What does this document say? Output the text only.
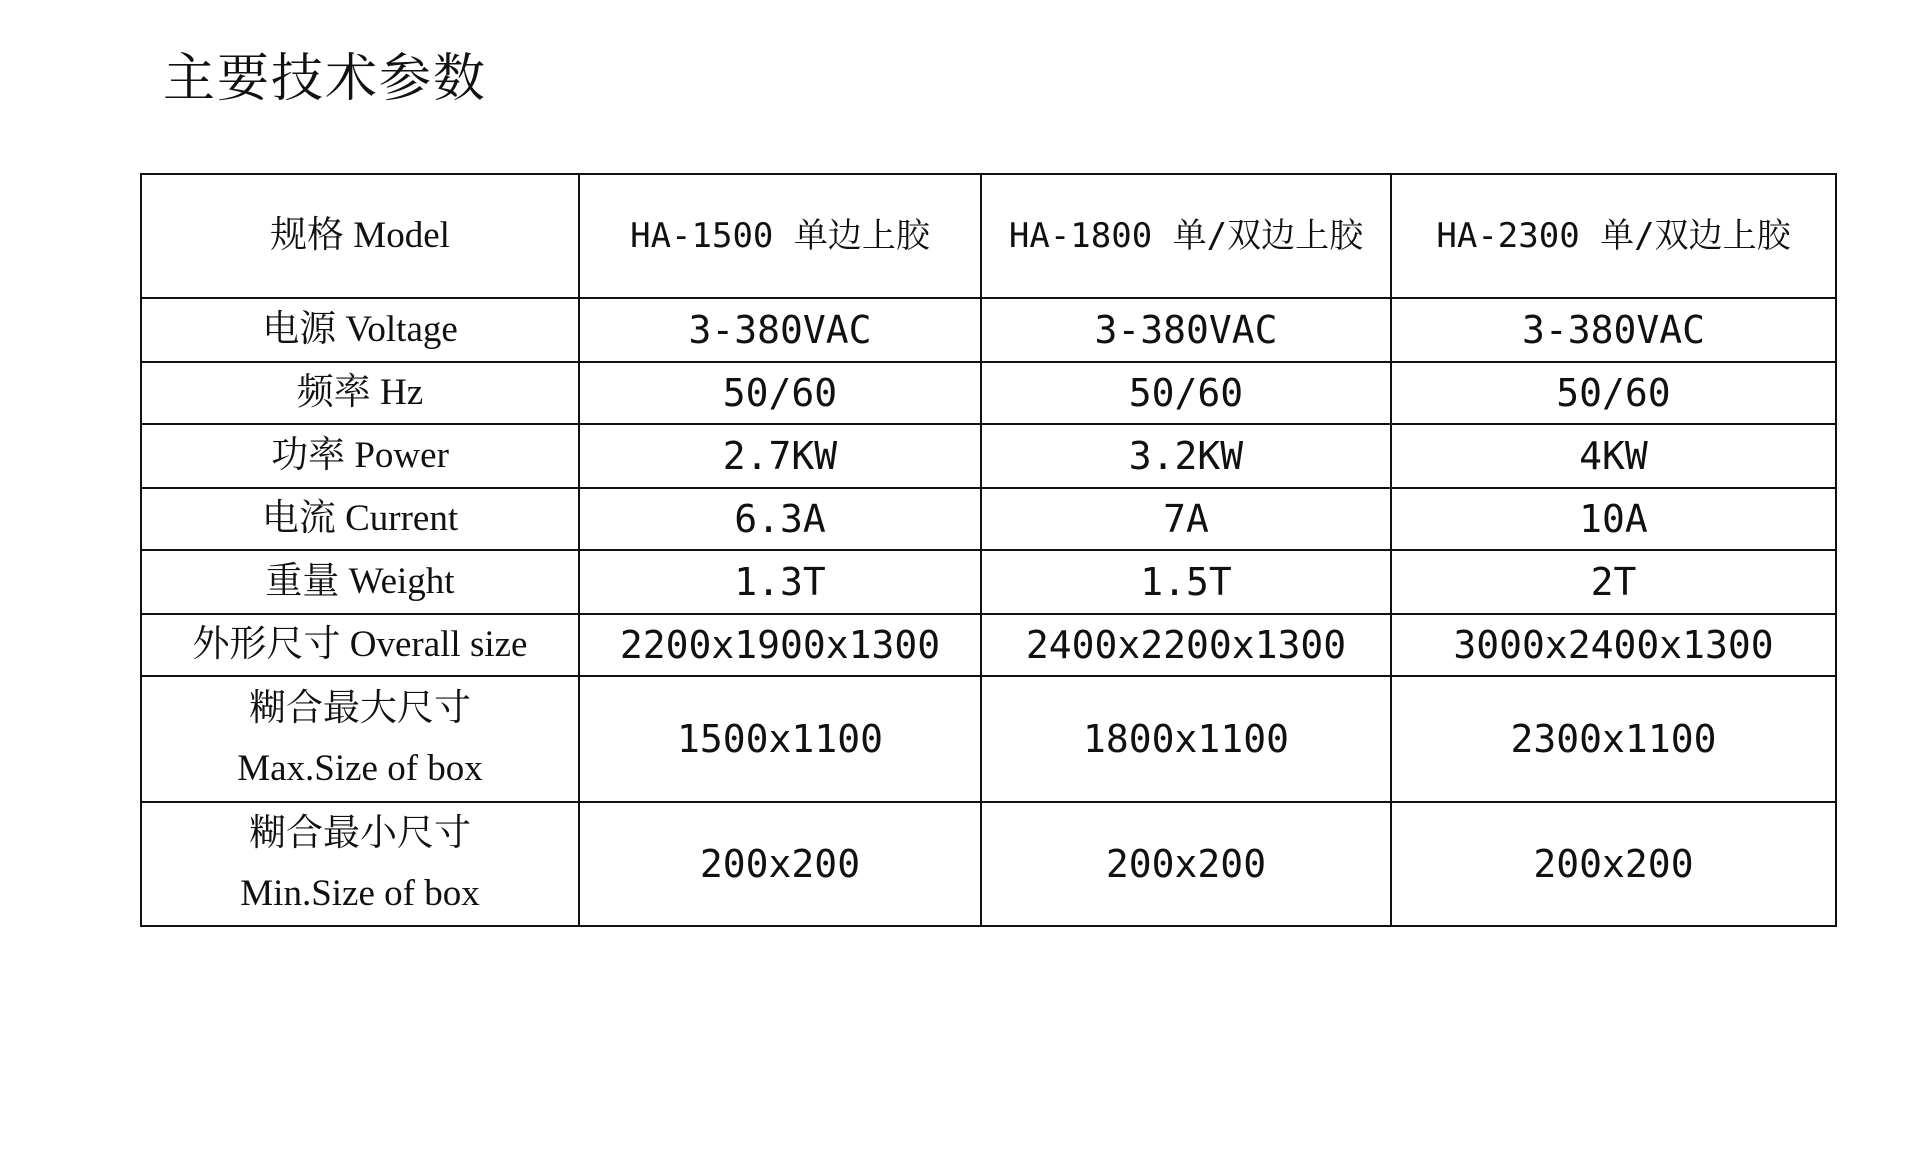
主要技术参数
规格 Model	HA-1500 单边上胶	HA-1800 单/双边上胶	HA-2300 单/双边上胶
电源 Voltage	3-380VAC	3-380VAC	3-380VAC
频率 Hz	50/60	50/60	50/60
功率 Power	2.7KW	3.2KW	4KW
电流 Current	6.3A	7A	10A
重量 Weight	1.3T	1.5T	2T
外形尺寸 Overall size	2200x1900x1300	2400x2200x1300	3000x2400x1300

糊合最大尺寸
Max.Size of box	1500x1100	1800x1100	2300x1100

糊合最小尺寸
Min.Size of box	200x200	200x200	200x200
